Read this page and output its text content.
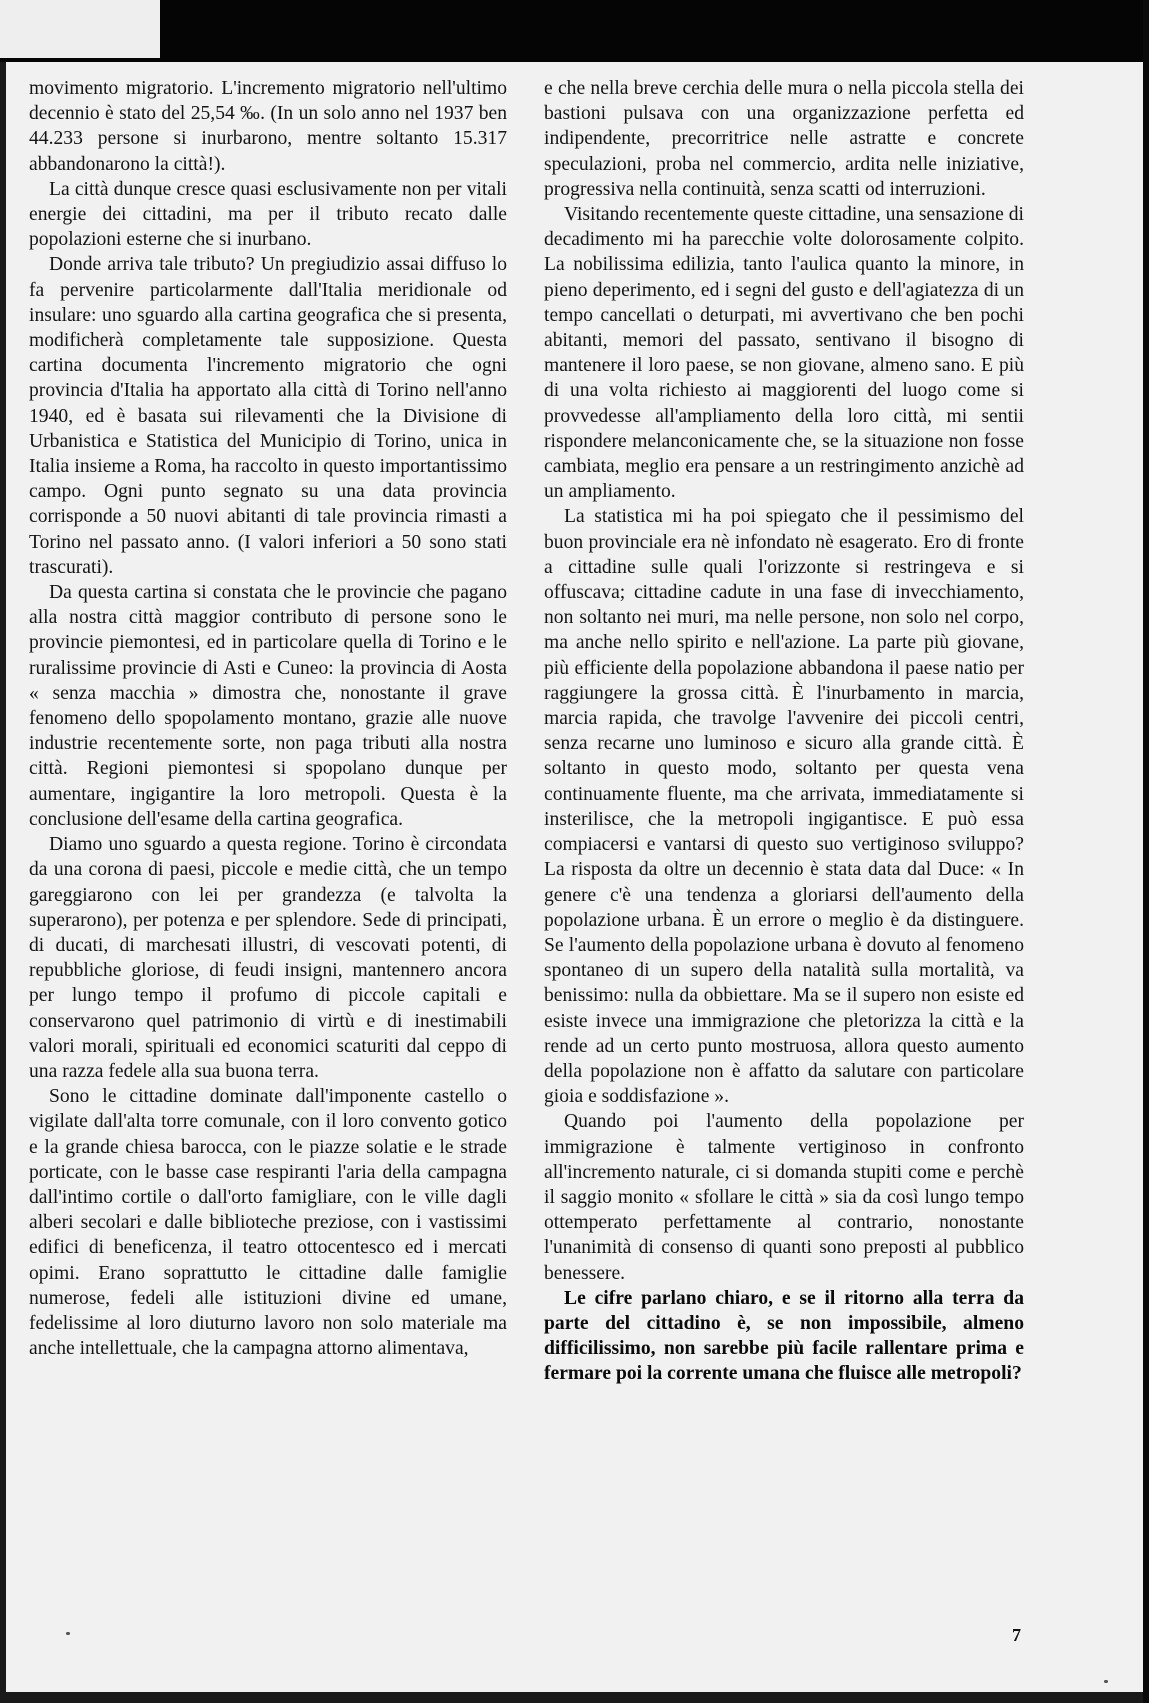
movimento migratorio. L'incremento migratorio nell'ultimo decennio è stato del 25,54 ‰. (In un solo anno nel 1937 ben 44.233 persone si inurbarono, mentre soltanto 15.317 abbandonarono la città!).

La città dunque cresce quasi esclusivamente non per vitali energie dei cittadini, ma per il tributo recato dalle popolazioni esterne che si inurbano.

Donde arriva tale tributo? Un pregiudizio assai diffuso lo fa pervenire particolarmente dall'Italia meridionale od insulare: uno sguardo alla cartina geografica che si presenta, modificherà completamente tale supposizione. Questa cartina documenta l'incremento migratorio che ogni provincia d'Italia ha apportato alla città di Torino nell'anno 1940, ed è basata sui rilevamenti che la Divisione di Urbanistica e Statistica del Municipio di Torino, unica in Italia insieme a Roma, ha raccolto in questo importantissimo campo. Ogni punto segnato su una data provincia corrisponde a 50 nuovi abitanti di tale provincia rimasti a Torino nel passato anno. (I valori inferiori a 50 sono stati trascurati).

Da questa cartina si constata che le provincie che pagano alla nostra città maggior contributo di persone sono le provincie piemontesi, ed in particolare quella di Torino e le ruralissime provincie di Asti e Cuneo: la provincia di Aosta « senza macchia » dimostra che, nonostante il grave fenomeno dello spopolamento montano, grazie alle nuove industrie recentemente sorte, non paga tributi alla nostra città. Regioni piemontesi si spopolano dunque per aumentare, ingigantire la loro metropoli. Questa è la conclusione dell'esame della cartina geografica.

Diamo uno sguardo a questa regione. Torino è circondata da una corona di paesi, piccole e medie città, che un tempo gareggiarono con lei per grandezza (e talvolta la superarono), per potenza e per splendore. Sede di principati, di ducati, di marchesati illustri, di vescovati potenti, di repubbliche gloriose, di feudi insigni, mantennero ancora per lungo tempo il profumo di piccole capitali e conservarono quel patrimonio di virtù e di inestimabili valori morali, spirituali ed economici scaturiti dal ceppo di una razza fedele alla sua buona terra.

Sono le cittadine dominate dall'imponente castello o vigilate dall'alta torre comunale, con il loro convento gotico e la grande chiesa barocca, con le piazze solatie e le strade porticate, con le basse case respiranti l'aria della campagna dall'intimo cortile o dall'orto famigliare, con le ville dagli alberi secolari e dalle biblioteche preziose, con i vastissimi edifici di beneficenza, il teatro ottocentesco ed i mercati opimi. Erano soprattutto le cittadine dalle famiglie numerose, fedeli alle istituzioni divine ed umane, fedelissime al loro diuturno lavoro non solo materiale ma anche intellettuale, che la campagna attorno alimentava,

e che nella breve cerchia delle mura o nella piccola stella dei bastioni pulsava con una organizzazione perfetta ed indipendente, precorritrice nelle astratte e concrete speculazioni, proba nel commercio, ardita nelle iniziative, progressiva nella continuità, senza scatti od interruzioni.

Visitando recentemente queste cittadine, una sensazione di decadimento mi ha parecchie volte dolorosamente colpito. La nobilissima edilizia, tanto l'aulica quanto la minore, in pieno deperimento, ed i segni del gusto e dell'agiatezza di un tempo cancellati o deturpati, mi avvertivano che ben pochi abitanti, memori del passato, sentivano il bisogno di mantenere il loro paese, se non giovane, almeno sano. E più di una volta richiesto ai maggiorenti del luogo come si provvedesse all'ampliamento della loro città, mi sentii rispondere melanconicamente che, se la situazione non fosse cambiata, meglio era pensare a un restringimento anzichè ad un ampliamento.

La statistica mi ha poi spiegato che il pessimismo del buon provinciale era nè infondato nè esagerato. Ero di fronte a cittadine sulle quali l'orizzonte si restringeva e si offuscava; cittadine cadute in una fase di invecchiamento, non soltanto nei muri, ma nelle persone, non solo nel corpo, ma anche nello spirito e nell'azione. La parte più giovane, più efficiente della popolazione abbandona il paese natio per raggiungere la grossa città. È l'inurbamento in marcia, marcia rapida, che travolge l'avvenire dei piccoli centri, senza recarne uno luminoso e sicuro alla grande città. È soltanto in questo modo, soltanto per questa vena continuamente fluente, ma che arrivata, immediatamente si insterilisce, che la metropoli ingigantisce. E può essa compiacersi e vantarsi di questo suo vertiginoso sviluppo? La risposta da oltre un decennio è stata data dal Duce: « In genere c'è una tendenza a gloriarsi dell'aumento della popolazione urbana. È un errore o meglio è da distinguere. Se l'aumento della popolazione urbana è dovuto al fenomeno spontaneo di un supero della natalità sulla mortalità, va benissimo: nulla da obbiettare. Ma se il supero non esiste ed esiste invece una immigrazione che pletorizza la città e la rende ad un certo punto mostruosa, allora questo aumento della popolazione non è affatto da salutare con particolare gioia e soddisfazione ».

Quando poi l'aumento della popolazione per immigrazione è talmente vertiginoso in confronto all'incremento naturale, ci si domanda stupiti come e perchè il saggio monito « sfollare le città » sia da così lungo tempo ottemperato perfettamente al contrario, nonostante l'unanimità di consenso di quanti sono preposti al pubblico benessere.

Le cifre parlano chiaro, e se il ritorno alla terra da parte del cittadino è, se non impossibile, almeno difficilissimo, non sarebbe più facile rallentare prima e fermare poi la corrente umana che fluisce alle metropoli?

7
